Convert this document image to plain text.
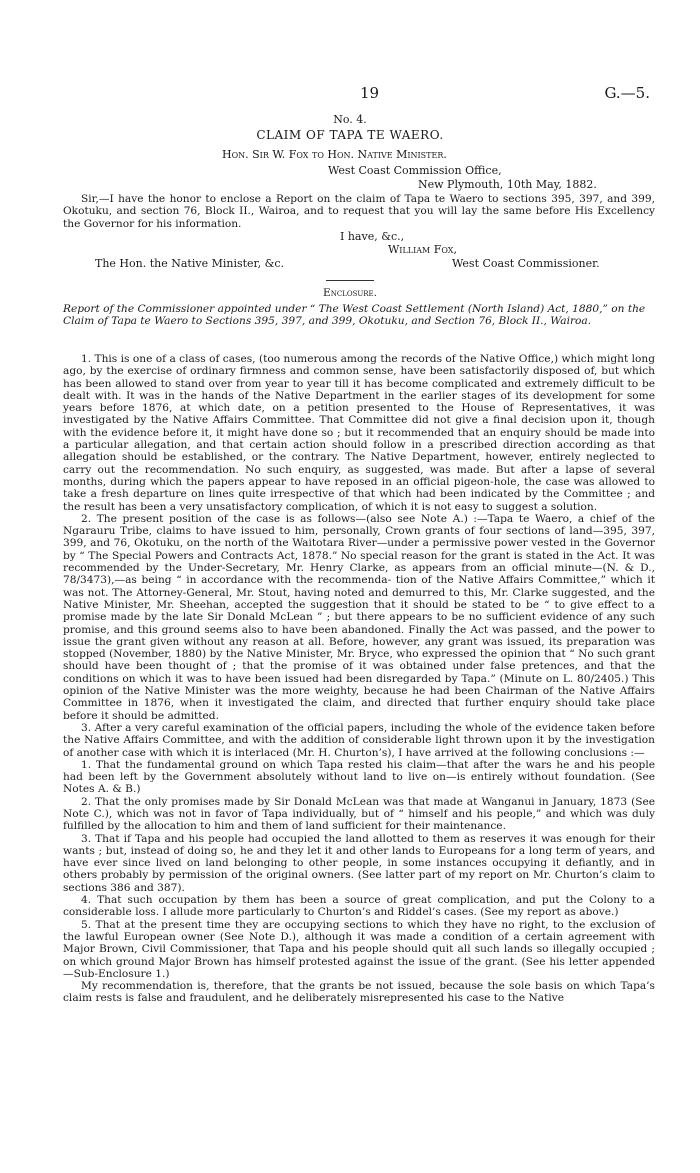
19	G.—5.
No. 4.
CLAIM OF TAPA TE WAERO.
Hon. Sir W. Fox to Hon. Native Minister.
West Coast Commission Office,
New Plymouth, 10th May, 1882.

Sir,—I have the honor to enclose a Report on the claim of Tapa te Waero to sections 395, 397, and 399, Okotuku, and section 76, Block II., Wairoa, and to request that you will lay the same before His Excellency the Governor for his information.

I have, &c.,
William Fox,
The Hon. the Native Minister, &c.	West Coast Commissioner.
Enclosure.
Report of the Commissioner appointed under “ The West Coast Settlement (North Island) Act, 1880,” on the Claim of Tapa te Waero to Sections 395, 397, and 399, Okotuku, and Section 76, Block II., Wairoa.

1. This is one of a class of cases, (too numerous among the records of the Native Office,) which might long ago, by the exercise of ordinary firmness and common sense, have been satisfactorily disposed of, but which has been allowed to stand over from year to year till it has become complicated and extremely difficult to be dealt with. It was in the hands of the Native Department in the earlier stages of its development for some years before 1876, at which date, on a petition presented to the House of Representatives, it was investigated by the Native Affairs Committee. That Committee did not give a final decision upon it, though with the evidence before it, it might have done so ; but it recommended that an enquiry should be made into a particular allegation, and that certain action should follow in a prescribed direction according as that allegation should be established, or the contrary. The Native Department, however, entirely neglected to carry out the recommendation. No such enquiry, as suggested, was made. But after a lapse of several months, during which the papers appear to have reposed in an official pigeon-hole, the case was allowed to take a fresh departure on lines quite irrespective of that which had been indicated by the Committee ; and the result has been a very unsatisfactory complication, of which it is not easy to suggest a solution.

2. The present position of the case is as follows—(also see Note A.) :—Tapa te Waero, a chief of the Ngarauru Tribe, claims to have issued to him, personally, Crown grants of four sections of land—395, 397, 399, and 76, Okotuku, on the north of the Waitotara River—under a permissive power vested in the Governor by “ The Special Powers and Contracts Act, 1878.” No special reason for the grant is stated in the Act. It was recommended by the Under-Secretary, Mr. Henry Clarke, as appears from an official minute—(N. & D., 78/3473),—as being “ in accordance with the recommenda- tion of the Native Affairs Committee,” which it was not. The Attorney-General, Mr. Stout, having noted and demurred to this, Mr. Clarke suggested, and the Native Minister, Mr. Sheehan, accepted the suggestion that it should be stated to be “ to give effect to a promise made by the late Sir Donald McLean ” ; but there appears to be no sufficient evidence of any such promise, and this ground seems also to have been abandoned. Finally the Act was passed, and the power to issue the grant given without any reason at all. Before, however, any grant was issued, its preparation was stopped (November, 1880) by the Native Minister, Mr. Bryce, who expressed the opinion that “ No such grant should have been thought of ; that the promise of it was obtained under false pretences, and that the conditions on which it was to have been issued had been disregarded by Tapa.” (Minute on L. 80/2405.) This opinion of the Native Minister was the more weighty, because he had been Chairman of the Native Affairs Committee in 1876, when it investigated the claim, and directed that further enquiry should take place before it should be admitted.

3. After a very careful examination of the official papers, including the whole of the evidence taken before the Native Affairs Committee, and with the addition of considerable light thrown upon it by the investigation of another case with which it is interlaced (Mr. H. Churton’s), I have arrived at the following conclusions :—

1. That the fundamental ground on which Tapa rested his claim—that after the wars he and his people had been left by the Government absolutely without land to live on—is entirely without foundation. (See Notes A. & B.)

2. That the only promises made by Sir Donald McLean was that made at Wanganui in January, 1873 (See Note C.), which was not in favor of Tapa individually, but of “ himself and his people,” and which was duly fulfilled by the allocation to him and them of land sufficient for their maintenance.

3. That if Tapa and his people had occupied the land allotted to them as reserves it was enough for their wants ; but, instead of doing so, he and they let it and other lands to Europeans for a long term of years, and have ever since lived on land belonging to other people, in some instances occupying it defiantly, and in others probably by permission of the original owners. (See latter part of my report on Mr. Churton’s claim to sections 386 and 387).

4. That such occupation by them has been a source of great complication, and put the Colony to a considerable loss. I allude more particularly to Churton’s and Riddel’s cases. (See my report as above.)

5. That at the present time they are occupying sections to which they have no right, to the exclusion of the lawful European owner (See Note D.), although it was made a condition of a certain agreement with Major Brown, Civil Commissioner, that Tapa and his people should quit all such lands so illegally occupied ; on which ground Major Brown has himself protested against the issue of the grant. (See his letter appended—Sub-Enclosure 1.)

My recommendation is, therefore, that the grants be not issued, because the sole basis on which Tapa’s claim rests is false and fraudulent, and he deliberately misrepresented his case to the Native
